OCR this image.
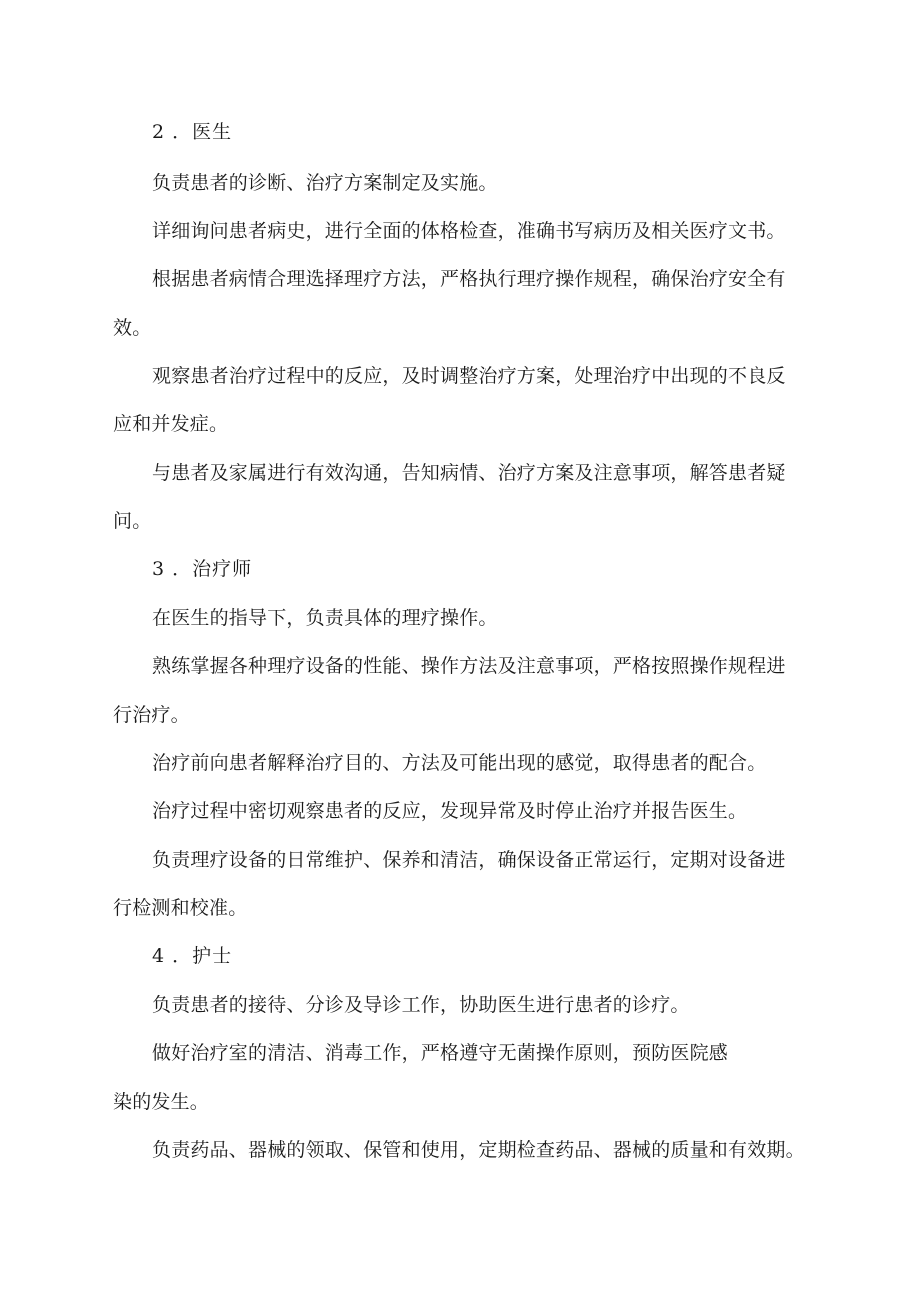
2 ．医生
负责患者的诊断、治疗方案制定及实施。
详细询问患者病史，进行全面的体格检查，准确书写病历及相关医疗文书。
根据患者病情合理选择理疗方法，严格执行理疗操作规程，确保治疗安全有
效。
观察患者治疗过程中的反应，及时调整治疗方案，处理治疗中出现的不良反
应和并发症。
与患者及家属进行有效沟通，告知病情、治疗方案及注意事项，解答患者疑
问。
3 ．治疗师
在医生的指导下，负责具体的理疗操作。
熟练掌握各种理疗设备的性能、操作方法及注意事项，严格按照操作规程进
行治疗。
治疗前向患者解释治疗目的、方法及可能出现的感觉，取得患者的配合。
治疗过程中密切观察患者的反应，发现异常及时停止治疗并报告医生。
负责理疗设备的日常维护、保养和清洁，确保设备正常运行，定期对设备进
行检测和校准。
4 ．护士
负责患者的接待、分诊及导诊工作，协助医生进行患者的诊疗。
做好治疗室的清洁、消毒工作，严格遵守无菌操作原则，预防医院感
染的发生。
负责药品、器械的领取、保管和使用，定期检查药品、器械的质量和有效期。
